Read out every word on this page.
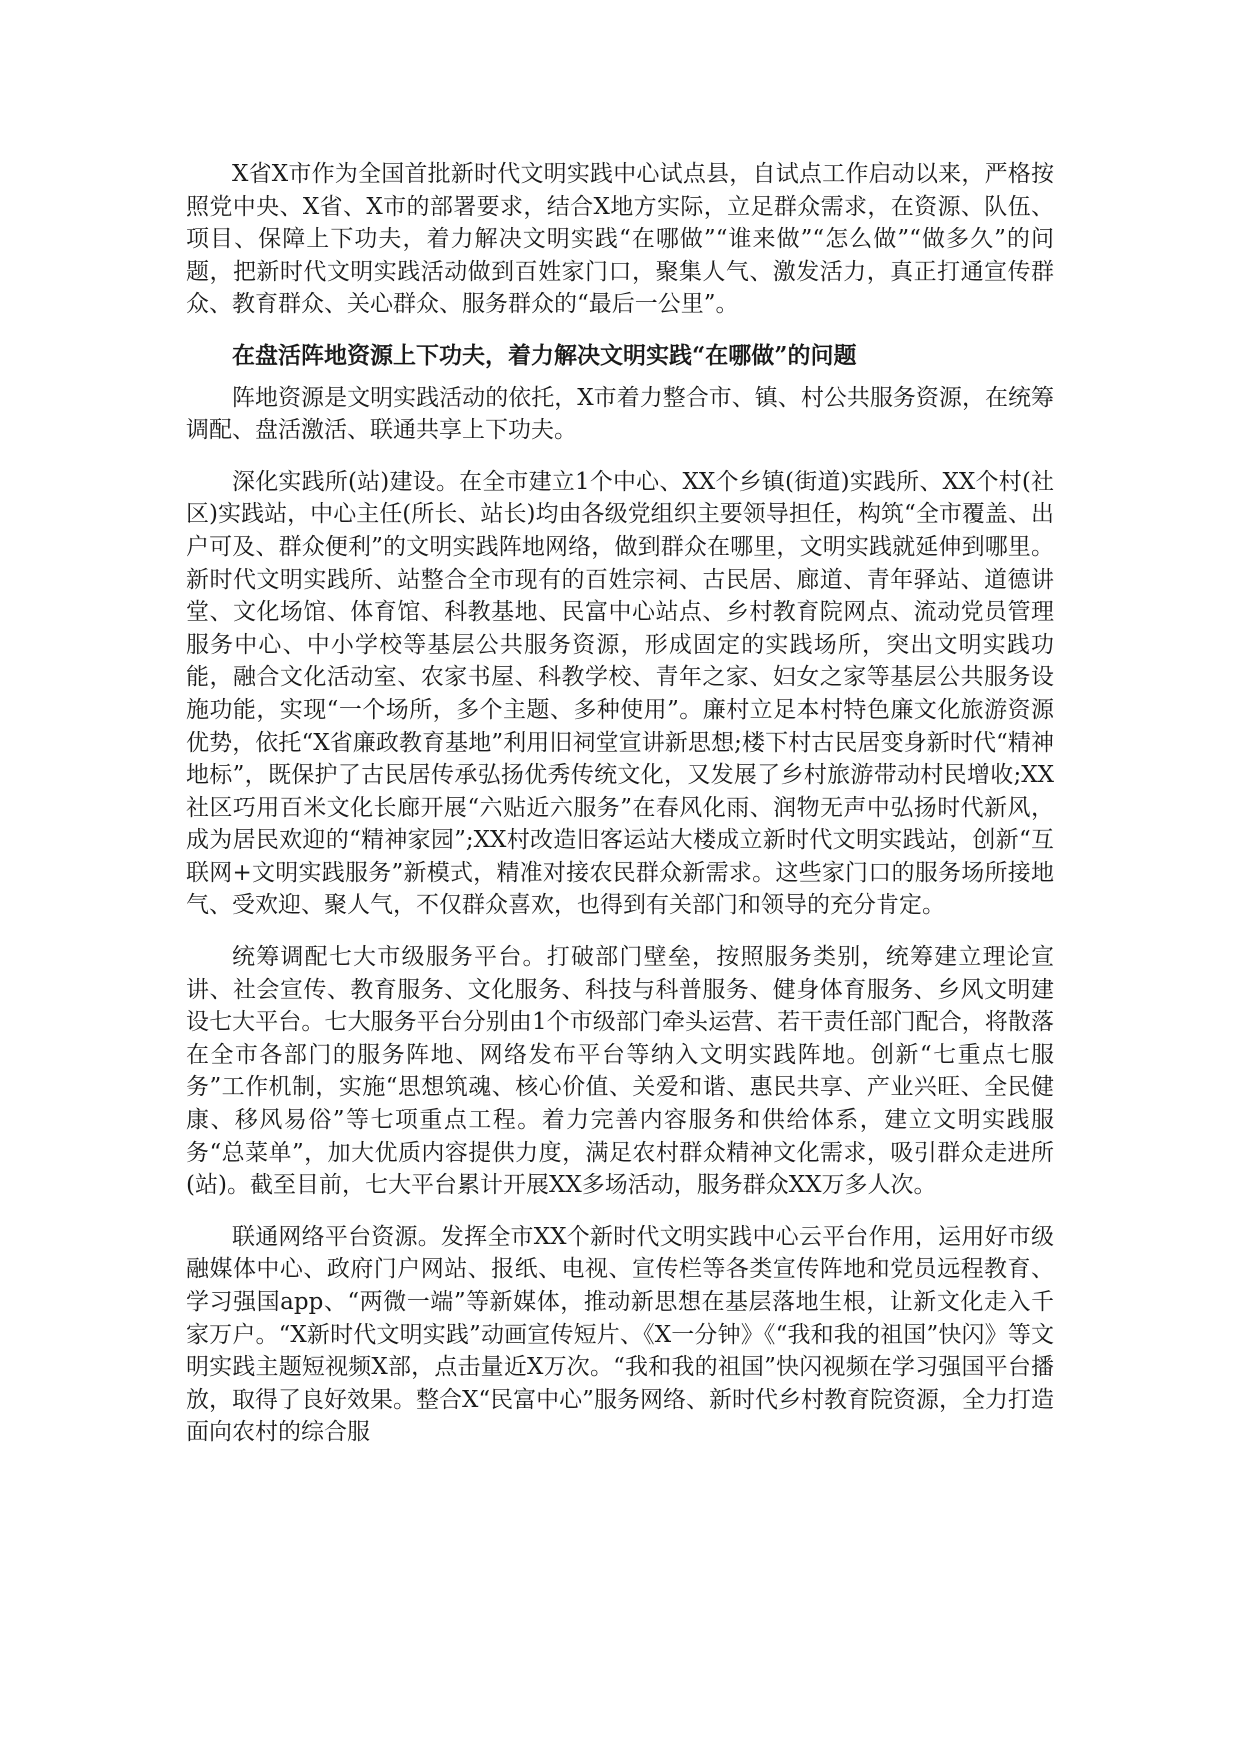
X省X市作为全国首批新时代文明实践中心试点县，自试点工作启动以来，严格按照党中央、X省、X市的部署要求，结合X地方实际，立足群众需求，在资源、队伍、项目、保障上下功夫，着力解决文明实践“在哪做”“谁来做”“怎么做”“做多久”的问题，把新时代文明实践活动做到百姓家门口，聚集人气、激发活力，真正打通宣传群众、教育群众、关心群众、服务群众的“最后一公里”。

在盘活阵地资源上下功夫，着力解决文明实践“在哪做”的问题

阵地资源是文明实践活动的依托，X市着力整合市、镇、村公共服务资源，在统筹调配、盘活激活、联通共享上下功夫。

深化实践所(站)建设。在全市建立1个中心、XX个乡镇(街道)实践所、XX个村(社区)实践站，中心主任(所长、站长)均由各级党组织主要领导担任，构筑“全市覆盖、出户可及、群众便利”的文明实践阵地网络，做到群众在哪里，文明实践就延伸到哪里。新时代文明实践所、站整合全市现有的百姓宗祠、古民居、廊道、青年驿站、道德讲堂、文化场馆、体育馆、科教基地、民富中心站点、乡村教育院网点、流动党员管理服务中心、中小学校等基层公共服务资源，形成固定的实践场所，突出文明实践功能，融合文化活动室、农家书屋、科教学校、青年之家、妇女之家等基层公共服务设施功能，实现“一个场所，多个主题、多种使用”。廉村立足本村特色廉文化旅游资源优势，依托“X省廉政教育基地”利用旧祠堂宣讲新思想;楼下村古民居变身新时代“精神地标”，既保护了古民居传承弘扬优秀传统文化，又发展了乡村旅游带动村民增收;XX社区巧用百米文化长廊开展“六贴近六服务”在春风化雨、润物无声中弘扬时代新风，成为居民欢迎的“精神家园”;XX村改造旧客运站大楼成立新时代文明实践站，创新“互联网+文明实践服务”新模式，精准对接农民群众新需求。这些家门口的服务场所接地气、受欢迎、聚人气，不仅群众喜欢，也得到有关部门和领导的充分肯定。

统筹调配七大市级服务平台。打破部门壁垒，按照服务类别，统筹建立理论宣讲、社会宣传、教育服务、文化服务、科技与科普服务、健身体育服务、乡风文明建设七大平台。七大服务平台分别由1个市级部门牵头运营、若干责任部门配合，将散落在全市各部门的服务阵地、网络发布平台等纳入文明实践阵地。创新“七重点七服务”工作机制，实施“思想筑魂、核心价值、关爱和谐、惠民共享、产业兴旺、全民健康、移风易俗”等七项重点工程。着力完善内容服务和供给体系，建立文明实践服务“总菜单”，加大优质内容提供力度，满足农村群众精神文化需求，吸引群众走进所(站)。截至目前，七大平台累计开展XX多场活动，服务群众XX万多人次。

联通网络平台资源。发挥全市XX个新时代文明实践中心云平台作用，运用好市级融媒体中心、政府门户网站、报纸、电视、宣传栏等各类宣传阵地和党员远程教育、学习强国app、“两微一端”等新媒体，推动新思想在基层落地生根，让新文化走入千家万户。“X新时代文明实践”动画宣传短片、《X一分钟》《“我和我的祖国”快闪》等文明实践主题短视频X部，点击量近X万次。“我和我的祖国”快闪视频在学习强国平台播放，取得了良好效果。整合X“民富中心”服务网络、新时代乡村教育院资源，全力打造面向农村的综合服
